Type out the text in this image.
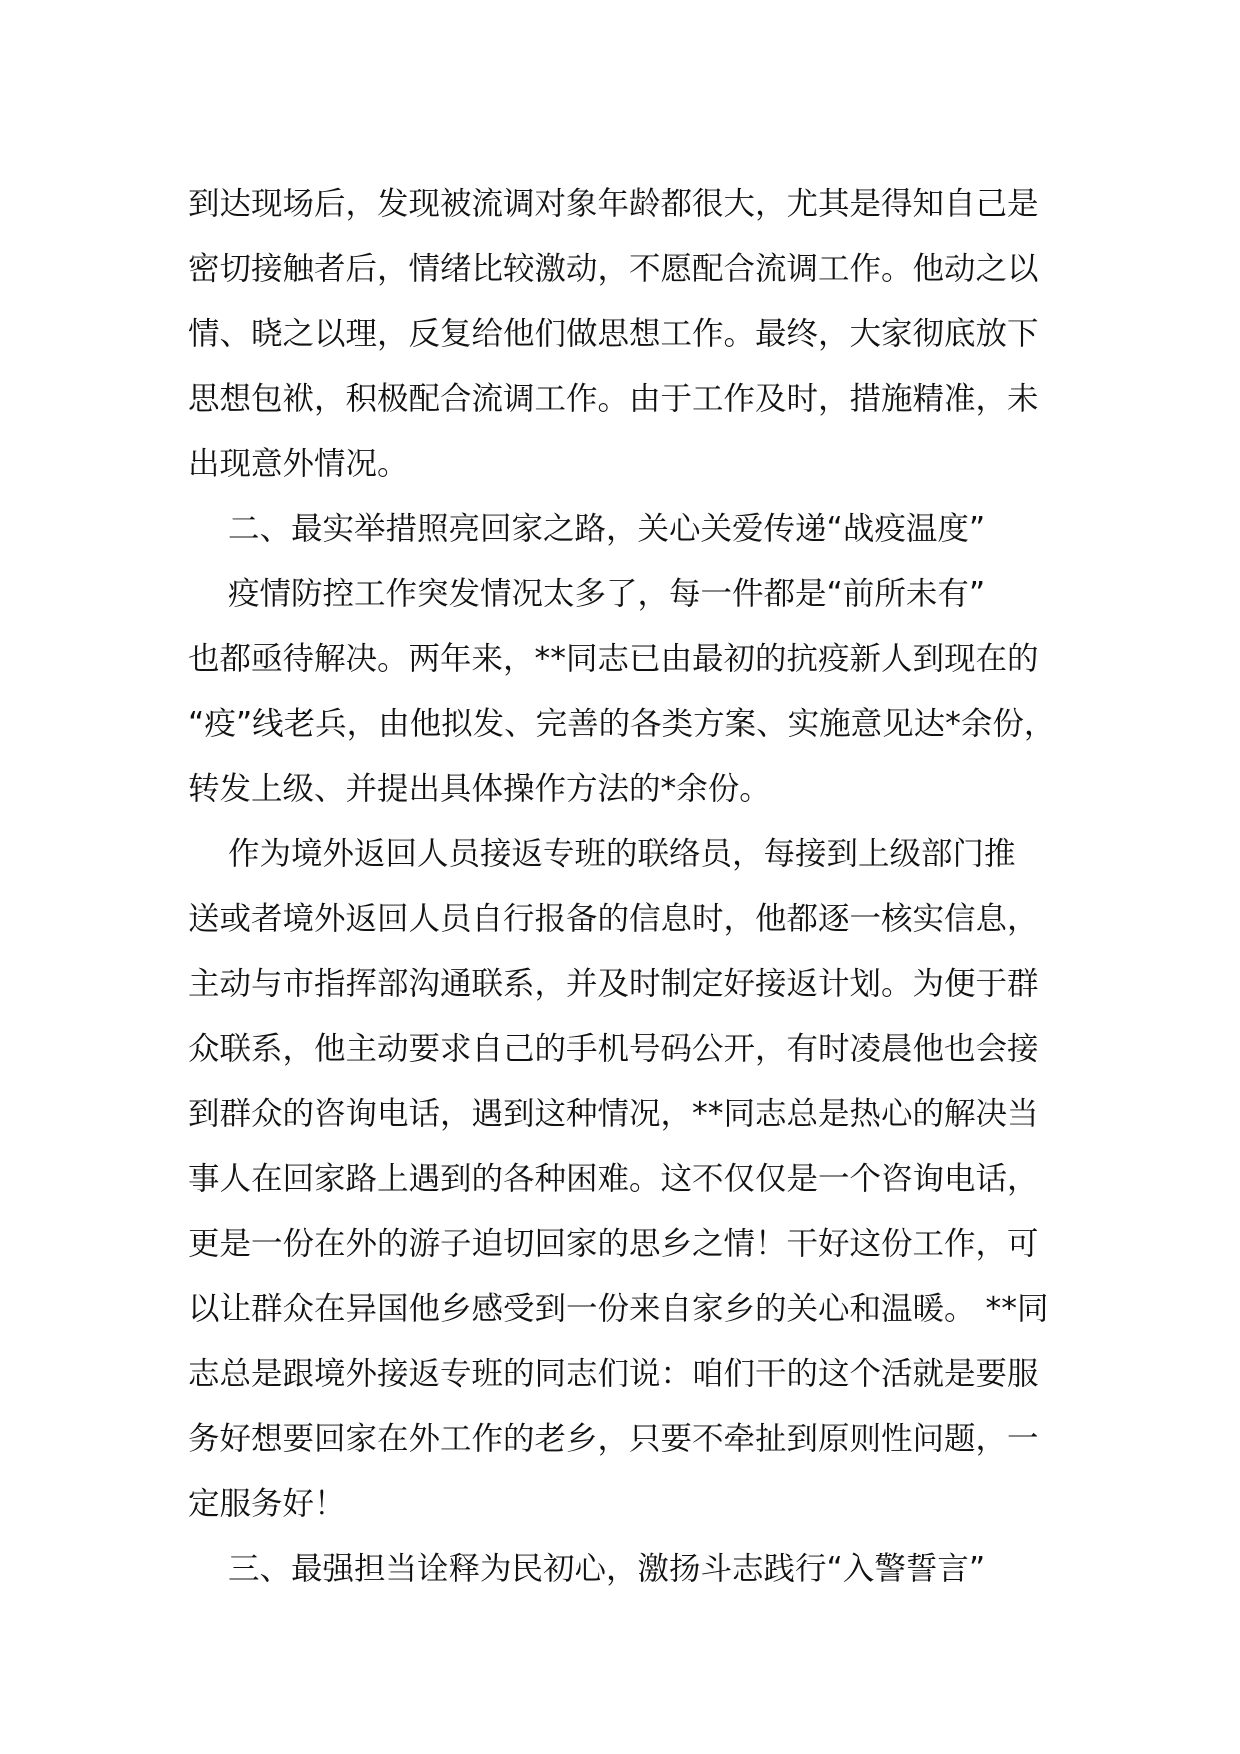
到达现场后，发现被流调对象年龄都很大，尤其是得知自己是
密切接触者后，情绪比较激动，不愿配合流调工作。他动之以
情、晓之以理，反复给他们做思想工作。最终，大家彻底放下
思想包袱，积极配合流调工作。由于工作及时，措施精准，未
出现意外情况。
二、最实举措照亮回家之路，关心关爱传递“战疫温度”
疫情防控工作突发情况太多了，每一件都是“前所未有”
也都亟待解决。两年来，**同志已由最初的抗疫新人到现在的
“疫”线老兵，由他拟发、完善的各类方案、实施意见达*余份，
转发上级、并提出具体操作方法的*余份。
作为境外返回人员接返专班的联络员，每接到上级部门推
送或者境外返回人员自行报备的信息时，他都逐一核实信息，
主动与市指挥部沟通联系，并及时制定好接返计划。为便于群
众联系，他主动要求自己的手机号码公开，有时凌晨他也会接
到群众的咨询电话，遇到这种情况，**同志总是热心的解决当
事人在回家路上遇到的各种困难。这不仅仅是一个咨询电话，
更是一份在外的游子迫切回家的思乡之情！干好这份工作，可
以让群众在异国他乡感受到一份来自家乡的关心和温暖。 **同
志总是跟境外接返专班的同志们说：咱们干的这个活就是要服
务好想要回家在外工作的老乡，只要不牵扯到原则性问题，一
定服务好！
三、最强担当诠释为民初心，激扬斗志践行“入警誓言”
